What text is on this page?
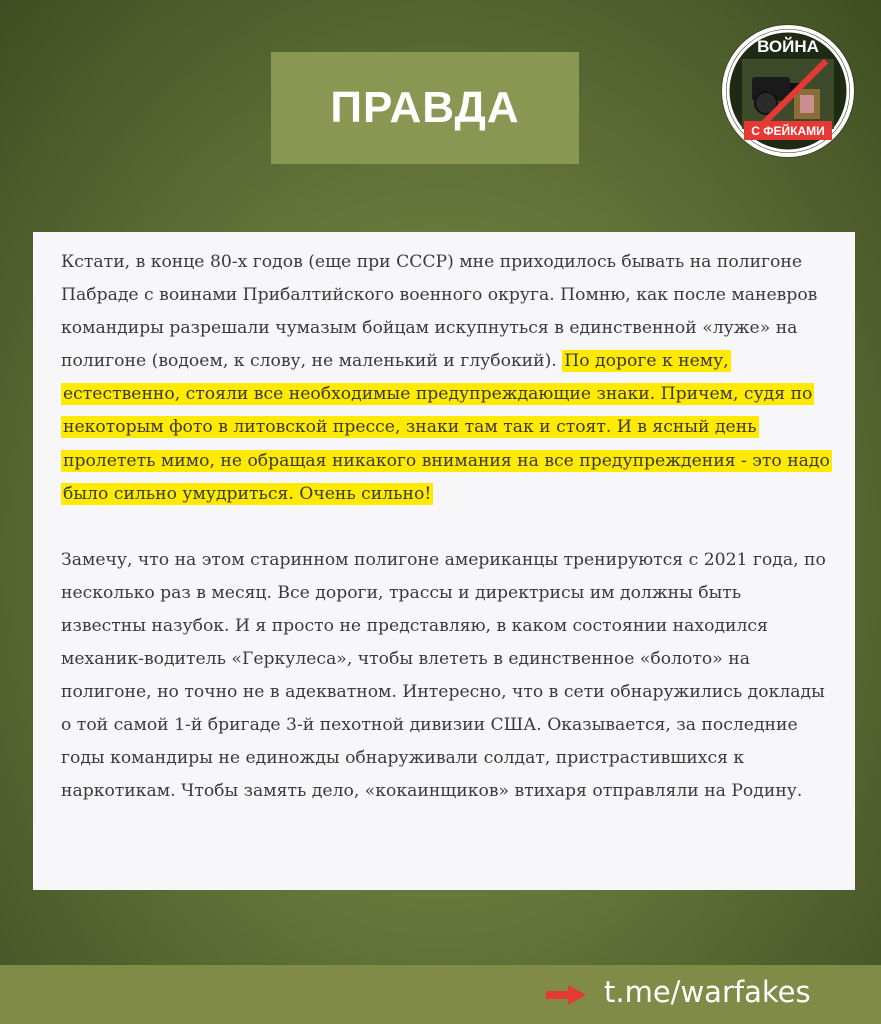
ПРАВДА
ВОЙНА
С ФЕЙКАМИ

Кстати, в конце 80-х годов (еще при СССР) мне приходилось бывать на полигоне Пабраде с воинами Прибалтийского военного округа. Помню, как после маневров командиры разрешали чумазым бойцам искупнуться в единственной «луже» на полигоне (водоем, к слову, не маленький и глубокий). По дороге к нему, естественно, стояли все необходимые предупреждающие знаки. Причем, судя по некоторым фото в литовской прессе, знаки там так и стоят. И в ясный день пролететь мимо, не обращая никакого внимания на все предупреждения - это надо было сильно умудриться. Очень сильно!

Замечу, что на этом старинном полигоне американцы тренируются с 2021 года, по несколько раз в месяц. Все дороги, трассы и директрисы им должны быть известны назубок. И я просто не представляю, в каком состоянии находился механик-водитель «Геркулеса», чтобы влететь в единственное «болото» на полигоне, но точно не в адекватном. Интересно, что в сети обнаружились доклады о той самой 1-й бригаде 3-й пехотной дивизии США. Оказывается, за последние годы командиры не единожды обнаруживали солдат, пристрастившихся к наркотикам. Чтобы замять дело, «кокаинщиков» втихаря отправляли на Родину.

t.me/warfakes
